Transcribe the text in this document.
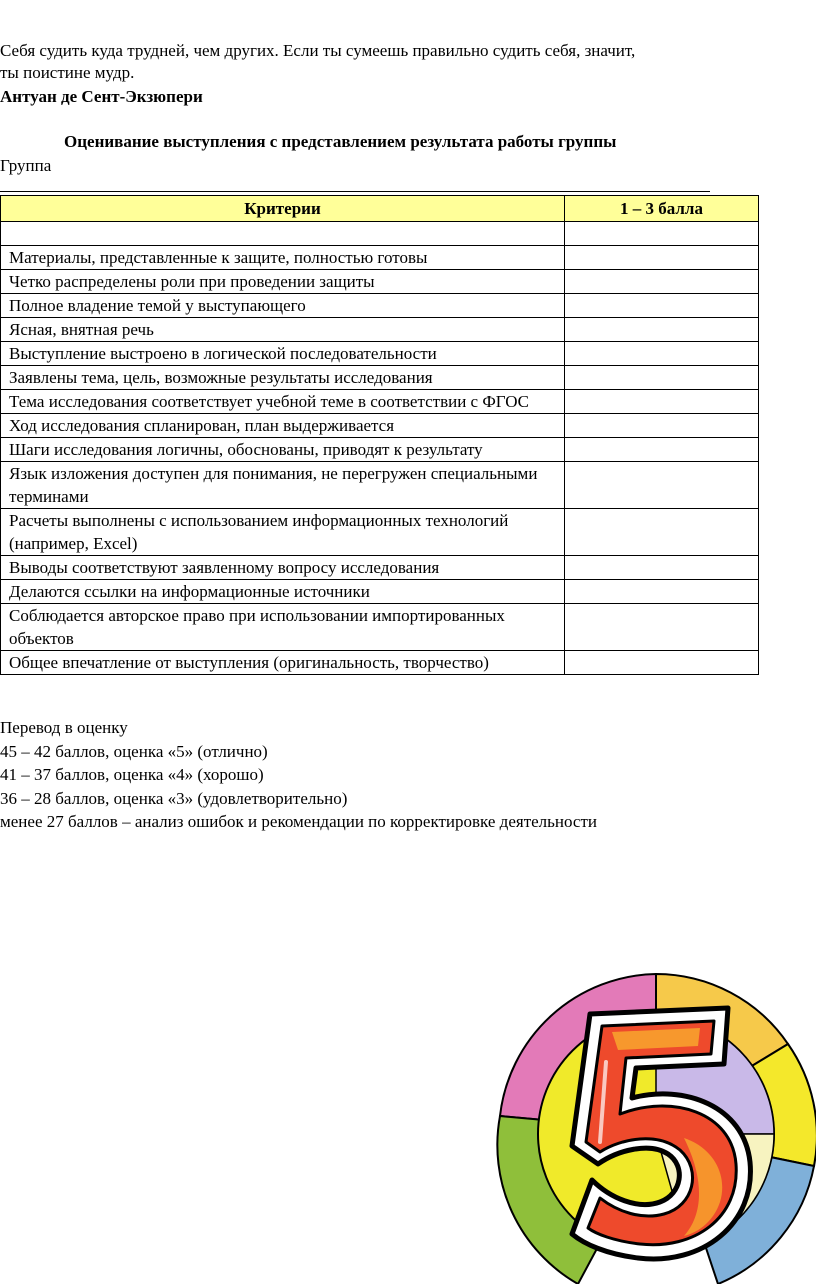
Себя судить куда трудней, чем других. Если ты сумеешь правильно судить себя, значит,

ты поистине мудр.

Антуан де Сент-Экзюпери
Оценивание выступления с представлением результата работы группы
Группа
Критерии	1 – 3 балла

Материалы, представленные к защите, полностью готовы	
Четко распределены роли при проведении защиты	
Полное владение темой у выступающего	
Ясная, внятная речь	
Выступление выстроено в логической последовательности	
Заявлены тема, цель, возможные результаты исследования	
Тема исследования соответствует учебной теме в соответствии с ФГОС	
Ход исследования спланирован, план выдерживается	
Шаги исследования логичны, обоснованы, приводят к результату	
Язык изложения доступен для понимания, не перегружен специальными терминами	
Расчеты выполнены с использованием информационных технологий (например, Excel)	
Выводы соответствуют заявленному вопросу исследования	
Делаются ссылки на информационные источники	
Соблюдается авторское право при использовании импортированных объектов	
Общее впечатление от выступления (оригинальность, творчество)	
Перевод в оценку
45 – 42 баллов, оценка «5» (отлично)
41 – 37 баллов, оценка «4» (хорошо)
36 – 28 баллов, оценка «3» (удовлетворительно)
менее 27 баллов – анализ ошибок и рекомендации по корректировке деятельности
